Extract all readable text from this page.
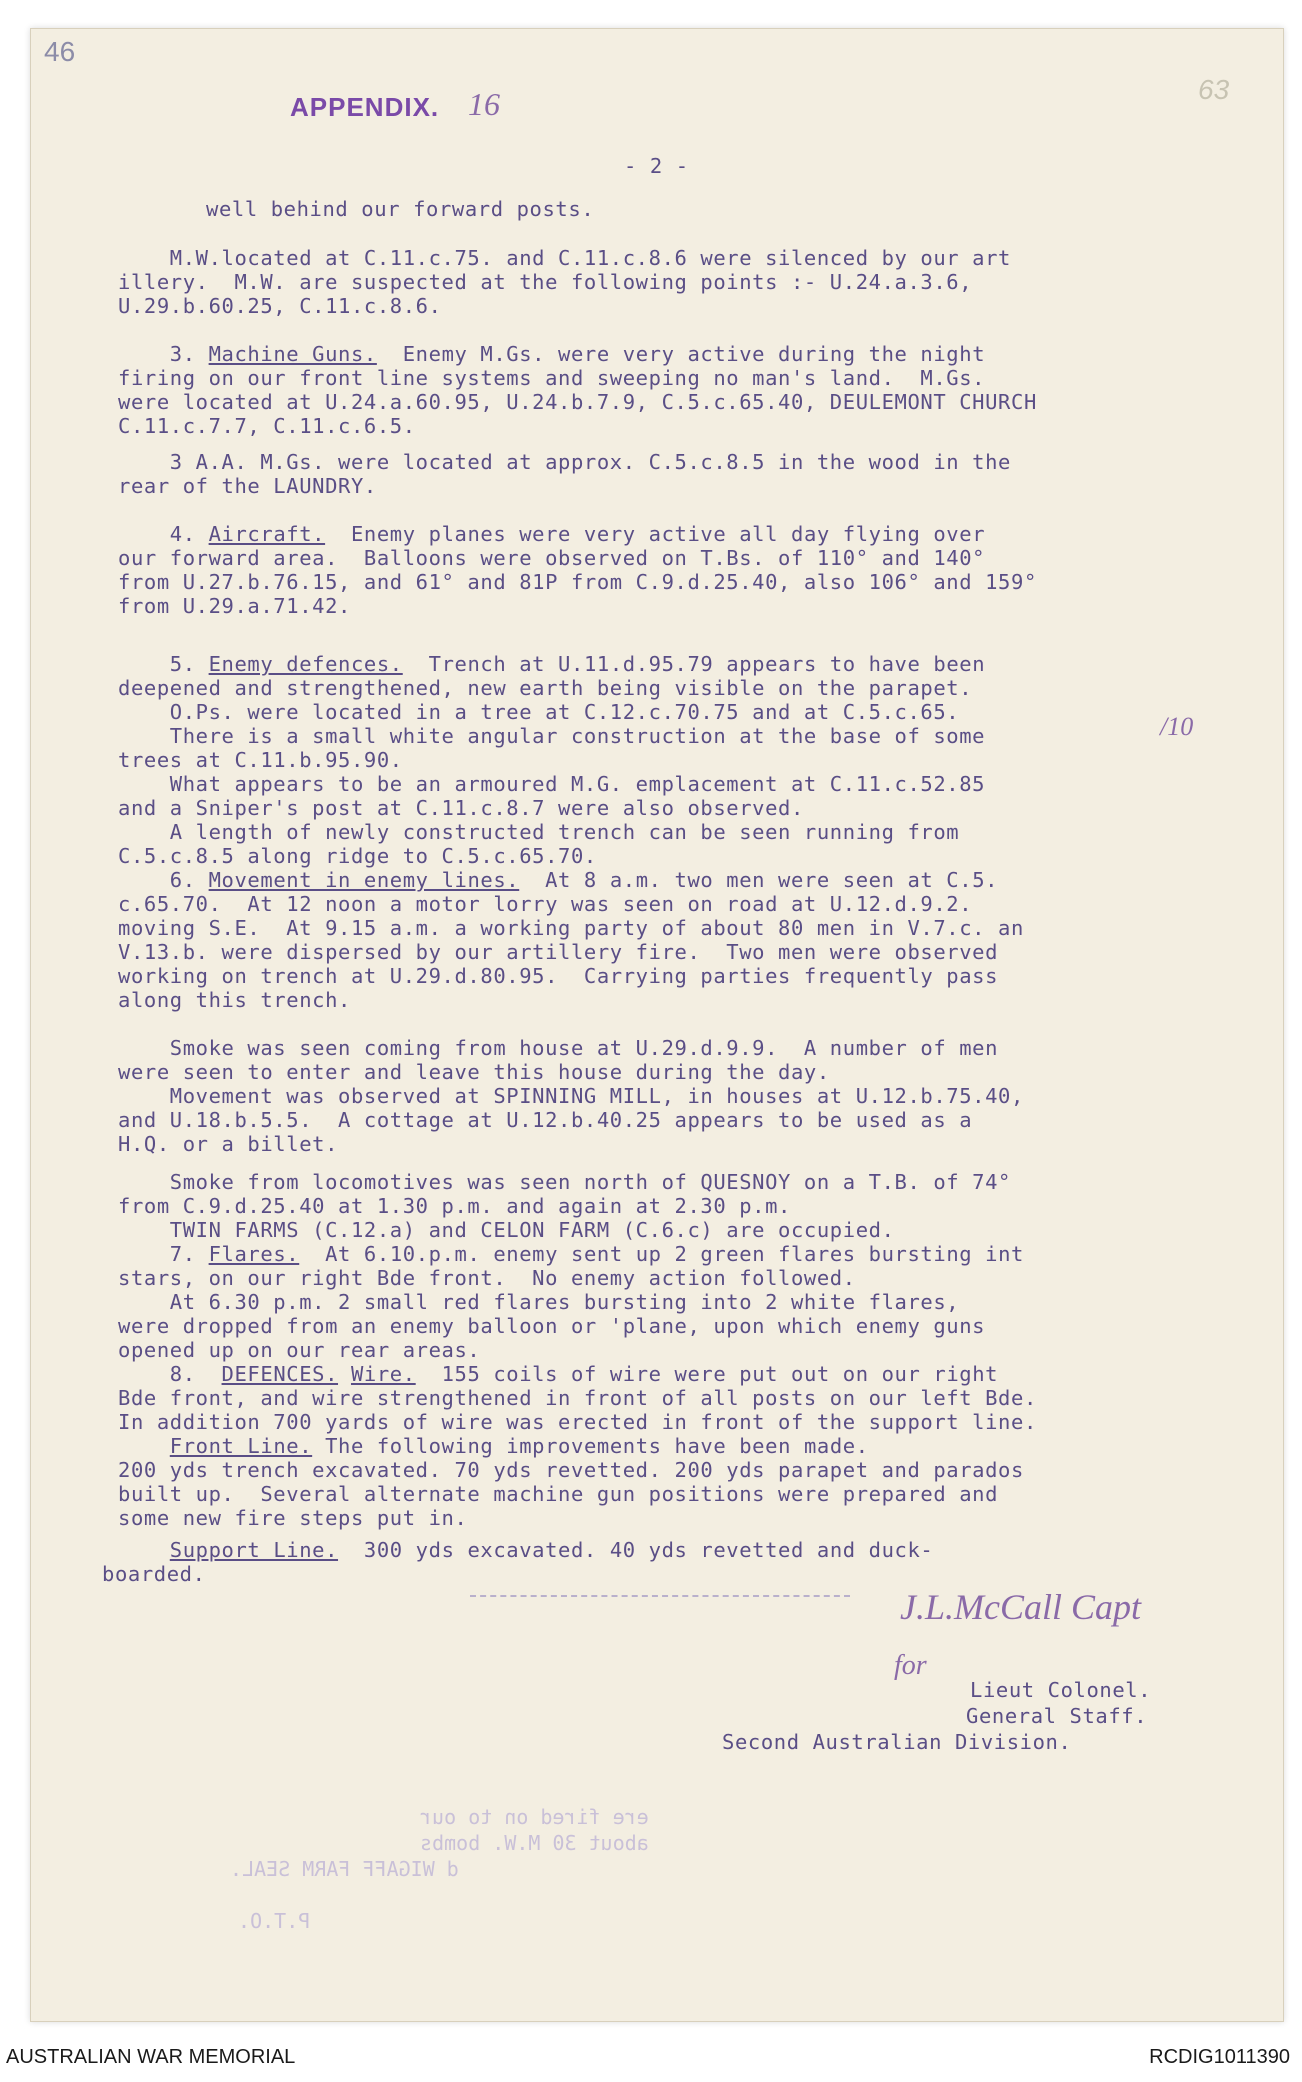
46
APPENDIX. 16	63
- 2 -
well behind our forward posts.
M.W.located at C.11.c.75. and C.11.c.8.6 were silenced by our art
illery.  M.W. are suspected at the following points :- U.24.a.3.6,
U.29.b.60.25, C.11.c.8.6.
3. Machine Guns.  Enemy M.Gs. were very active during the night
firing on our front line systems and sweeping no man's land.  M.Gs.
were located at U.24.a.60.95, U.24.b.7.9, C.5.c.65.40, DEULEMONT CHURCH
C.11.c.7.7, C.11.c.6.5.
3 A.A. M.Gs. were located at approx. C.5.c.8.5 in the wood in the
rear of the LAUNDRY.
4. Aircraft.  Enemy planes were very active all day flying over
our forward area.  Balloons were observed on T.Bs. of 110° and 140°
from U.27.b.76.15, and 61° and 81P from C.9.d.25.40, also 106° and 159°
from U.29.a.71.42.
5. Enemy defences.  Trench at U.11.d.95.79 appears to have been
deepened and strengthened, new earth being visible on the parapet.
O.Ps. were located in a tree at C.12.c.70.75 and at C.5.c.65.
There is a small white angular construction at the base of some
trees at C.11.b.95.90.
What appears to be an armoured M.G. emplacement at C.11.c.52.85
and a Sniper's post at C.11.c.8.7 were also observed.
A length of newly constructed trench can be seen running from
C.5.c.8.5 along ridge to C.5.c.65.70.
6. Movement in enemy lines.  At 8 a.m. two men were seen at C.5.
c.65.70.  At 12 noon a motor lorry was seen on road at U.12.d.9.2.
moving S.E.  At 9.15 a.m. a working party of about 80 men in V.7.c. an
V.13.b. were dispersed by our artillery fire.  Two men were observed
working on trench at U.29.d.80.95.  Carrying parties frequently pass
along this trench.
Smoke was seen coming from house at U.29.d.9.9.  A number of men
were seen to enter and leave this house during the day.
Movement was observed at SPINNING MILL, in houses at U.12.b.75.40,
and U.18.b.5.5.  A cottage at U.12.b.40.25 appears to be used as a
H.Q. or a billet.
Smoke from locomotives was seen north of QUESNOY on a T.B. of 74°
from C.9.d.25.40 at 1.30 p.m. and again at 2.30 p.m.
TWIN FARMS (C.12.a) and CELON FARM (C.6.c) are occupied.
7. Flares.  At 6.10.p.m. enemy sent up 2 green flares bursting int
stars, on our right Bde front.  No enemy action followed.
At 6.30 p.m. 2 small red flares bursting into 2 white flares,
were dropped from an enemy balloon or 'plane, upon which enemy guns
opened up on our rear areas.
8.  DEFENCES. Wire.  155 coils of wire were put out on our right
Bde front, and wire strengthened in front of all posts on our left Bde.
In addition 700 yards of wire was erected in front of the support line.
Front Line. The following improvements have been made.
200 yds trench excavated. 70 yds revetted. 200 yds parapet and parados
built up.  Several alternate machine gun positions were prepared and
some new fire steps put in.
Support Line.  300 yds excavated. 40 yds revetted and duck-
boarded.
/10
J.L.McCall Capt
for
Lieut Colonel.
General Staff.
Second Australian Division.
ere fired on to our
about 30 M.W. bombs
d WIGAFF FARM SEAL.
P.T.O.
AUSTRALIAN WAR MEMORIAL	RCDIG1011390
